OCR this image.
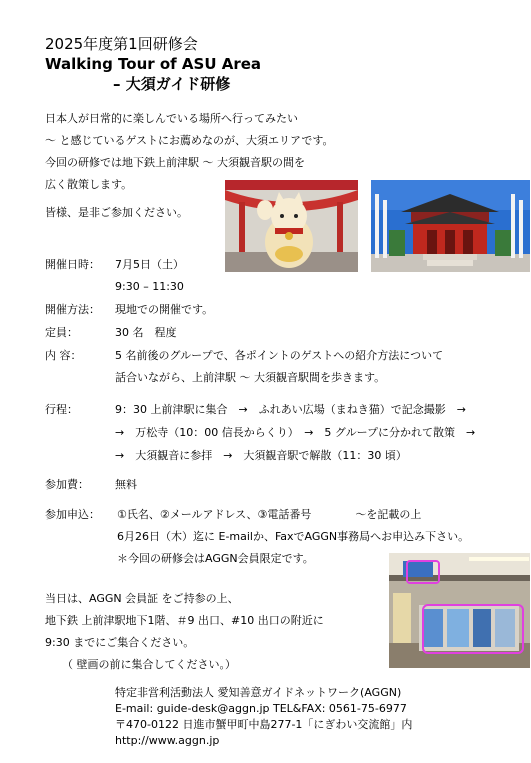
2025年度第1回研修会
Walking Tour of ASU Area
– 大須ガイド研修
日本人が日常的に楽しんでいる場所へ行ってみたい
～ と感じているゲストにお薦めなのが、大須エリアです。
今回の研修では地下鉄上前津駅 ～ 大須観音駅の間を
広く散策します。
皆様、是非ご参加ください。
開催日時： 7月5日（土）
9:30 – 11:30
開催方法： 現地での開催です。
定員：	30 名　程度
内 容：	5 名前後のグループで、各ポイントのゲストへの紹介方法について
話合いながら、上前津駅 ～ 大須観音駅間を歩きます。
行程：	9：30 上前津駅に集合　→　ふれあい広場（まねき猫）で記念撮影　→
→　万松寺（10：00 信長からくり）　→　5 グループに分かれて散策　→
→　大須観音に参拝　→　大須観音駅で解散（11：30 頃）
参加費： 無料
参加申込： ①氏名、②メールアドレス、③電話番号　　　　～を記載の上
6月26日（木）迄に E-mailか、FaxでAGGN事務局へお申込み下さい。
＊今回の研修会はAGGN会員限定です。
当日は、AGGN 会員証 をご持参の上、
地下鉄 上前津駅地下1階、＃9 出口、#10 出口の附近に
9:30 までにご集合ください。
（ 壁画の前に集合してください。）
特定非営利活動法人 愛知善意ガイドネットワーク(AGGN)
E-mail: guide-desk@aggn.jp TEL&FAX: 0561-75-6977
〒470-0122 日進市蟹甲町中島277-1「にぎわい交流館」内
http://www.aggn.jp
